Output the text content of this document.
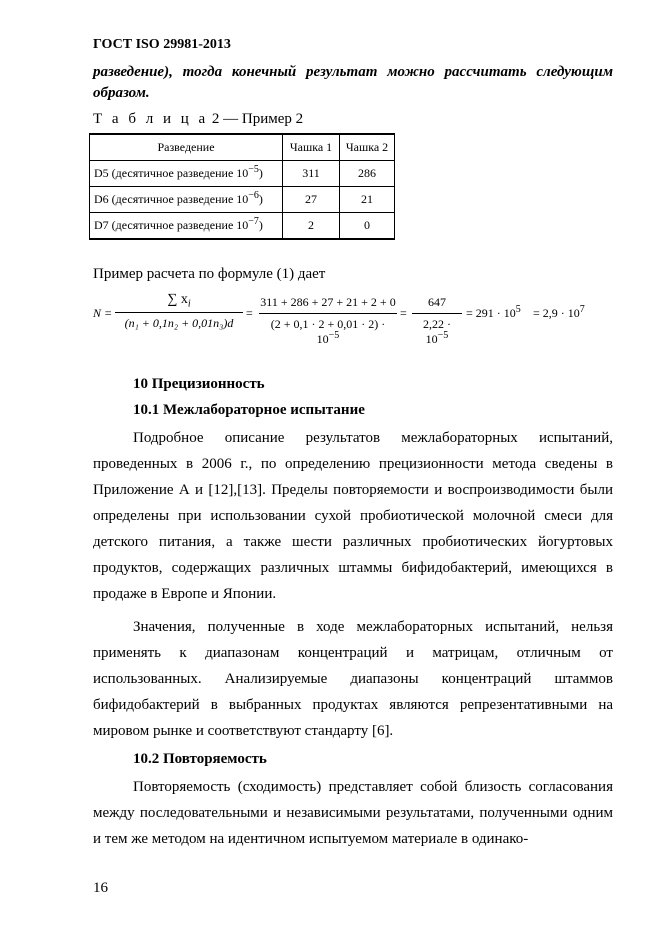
ГОСТ ISO 29981-2013
разведение), тогда конечный результат можно рассчитать следующим образом.
Т а б л и ц а 2 — Пример 2
Разведение	Чашка 1	Чашка 2
D5 (десятичное разведение $10^{-5}$)	311	286
D6 (десятичное разведение $10^{-6}$)	27	21
D7 (десятичное разведение $10^{-7}$)	2	0
Пример расчета по формуле (1) дает
$N = \frac{\sum x_i}{\text{(n₁ + 0,1n₂ + 0,01n₃)d}} = \frac{311 + 286 + 27 + 21 + 2 + 0}{(2 + 0,1 \cdot 2 + 0,01 \cdot 2) \cdot 10^{-5}} = \frac{647}{2,22 \cdot 10^{-5}} = 291 \cdot 10^5 = 2,9 \cdot 10^7$
10 Прецизионность
10.1 Межлабораторное испытание
Подробное описание результатов межлабораторных испытаний, проведенных в 2006 г., по определению прецизионности метода сведены в Приложение А и [12],[13]. Пределы повторяемости и воспроизводимости были определены при использовании сухой пробиотической молочной смеси для детского питания, а также шести различных пробиотических йогуртовых продуктов, содержащих различных штаммы бифидобактерий, имеющихся в продаже в Европе и Японии.
Значения, полученные в ходе межлабораторных испытаний, нельзя применять к диапазонам концентраций и матрицам, отличным от использованных. Анализируемые диапазоны концентраций штаммов бифидобактерий в выбранных продуктах являются репрезентативными на мировом рынке и соответствуют стандарту [6].
10.2 Повторяемость
Повторяемость (сходимость) представляет собой близость согласования между последовательными и независимыми результатами, полученными одним и тем же методом на идентичном испытуемом материале в одинако-
16
